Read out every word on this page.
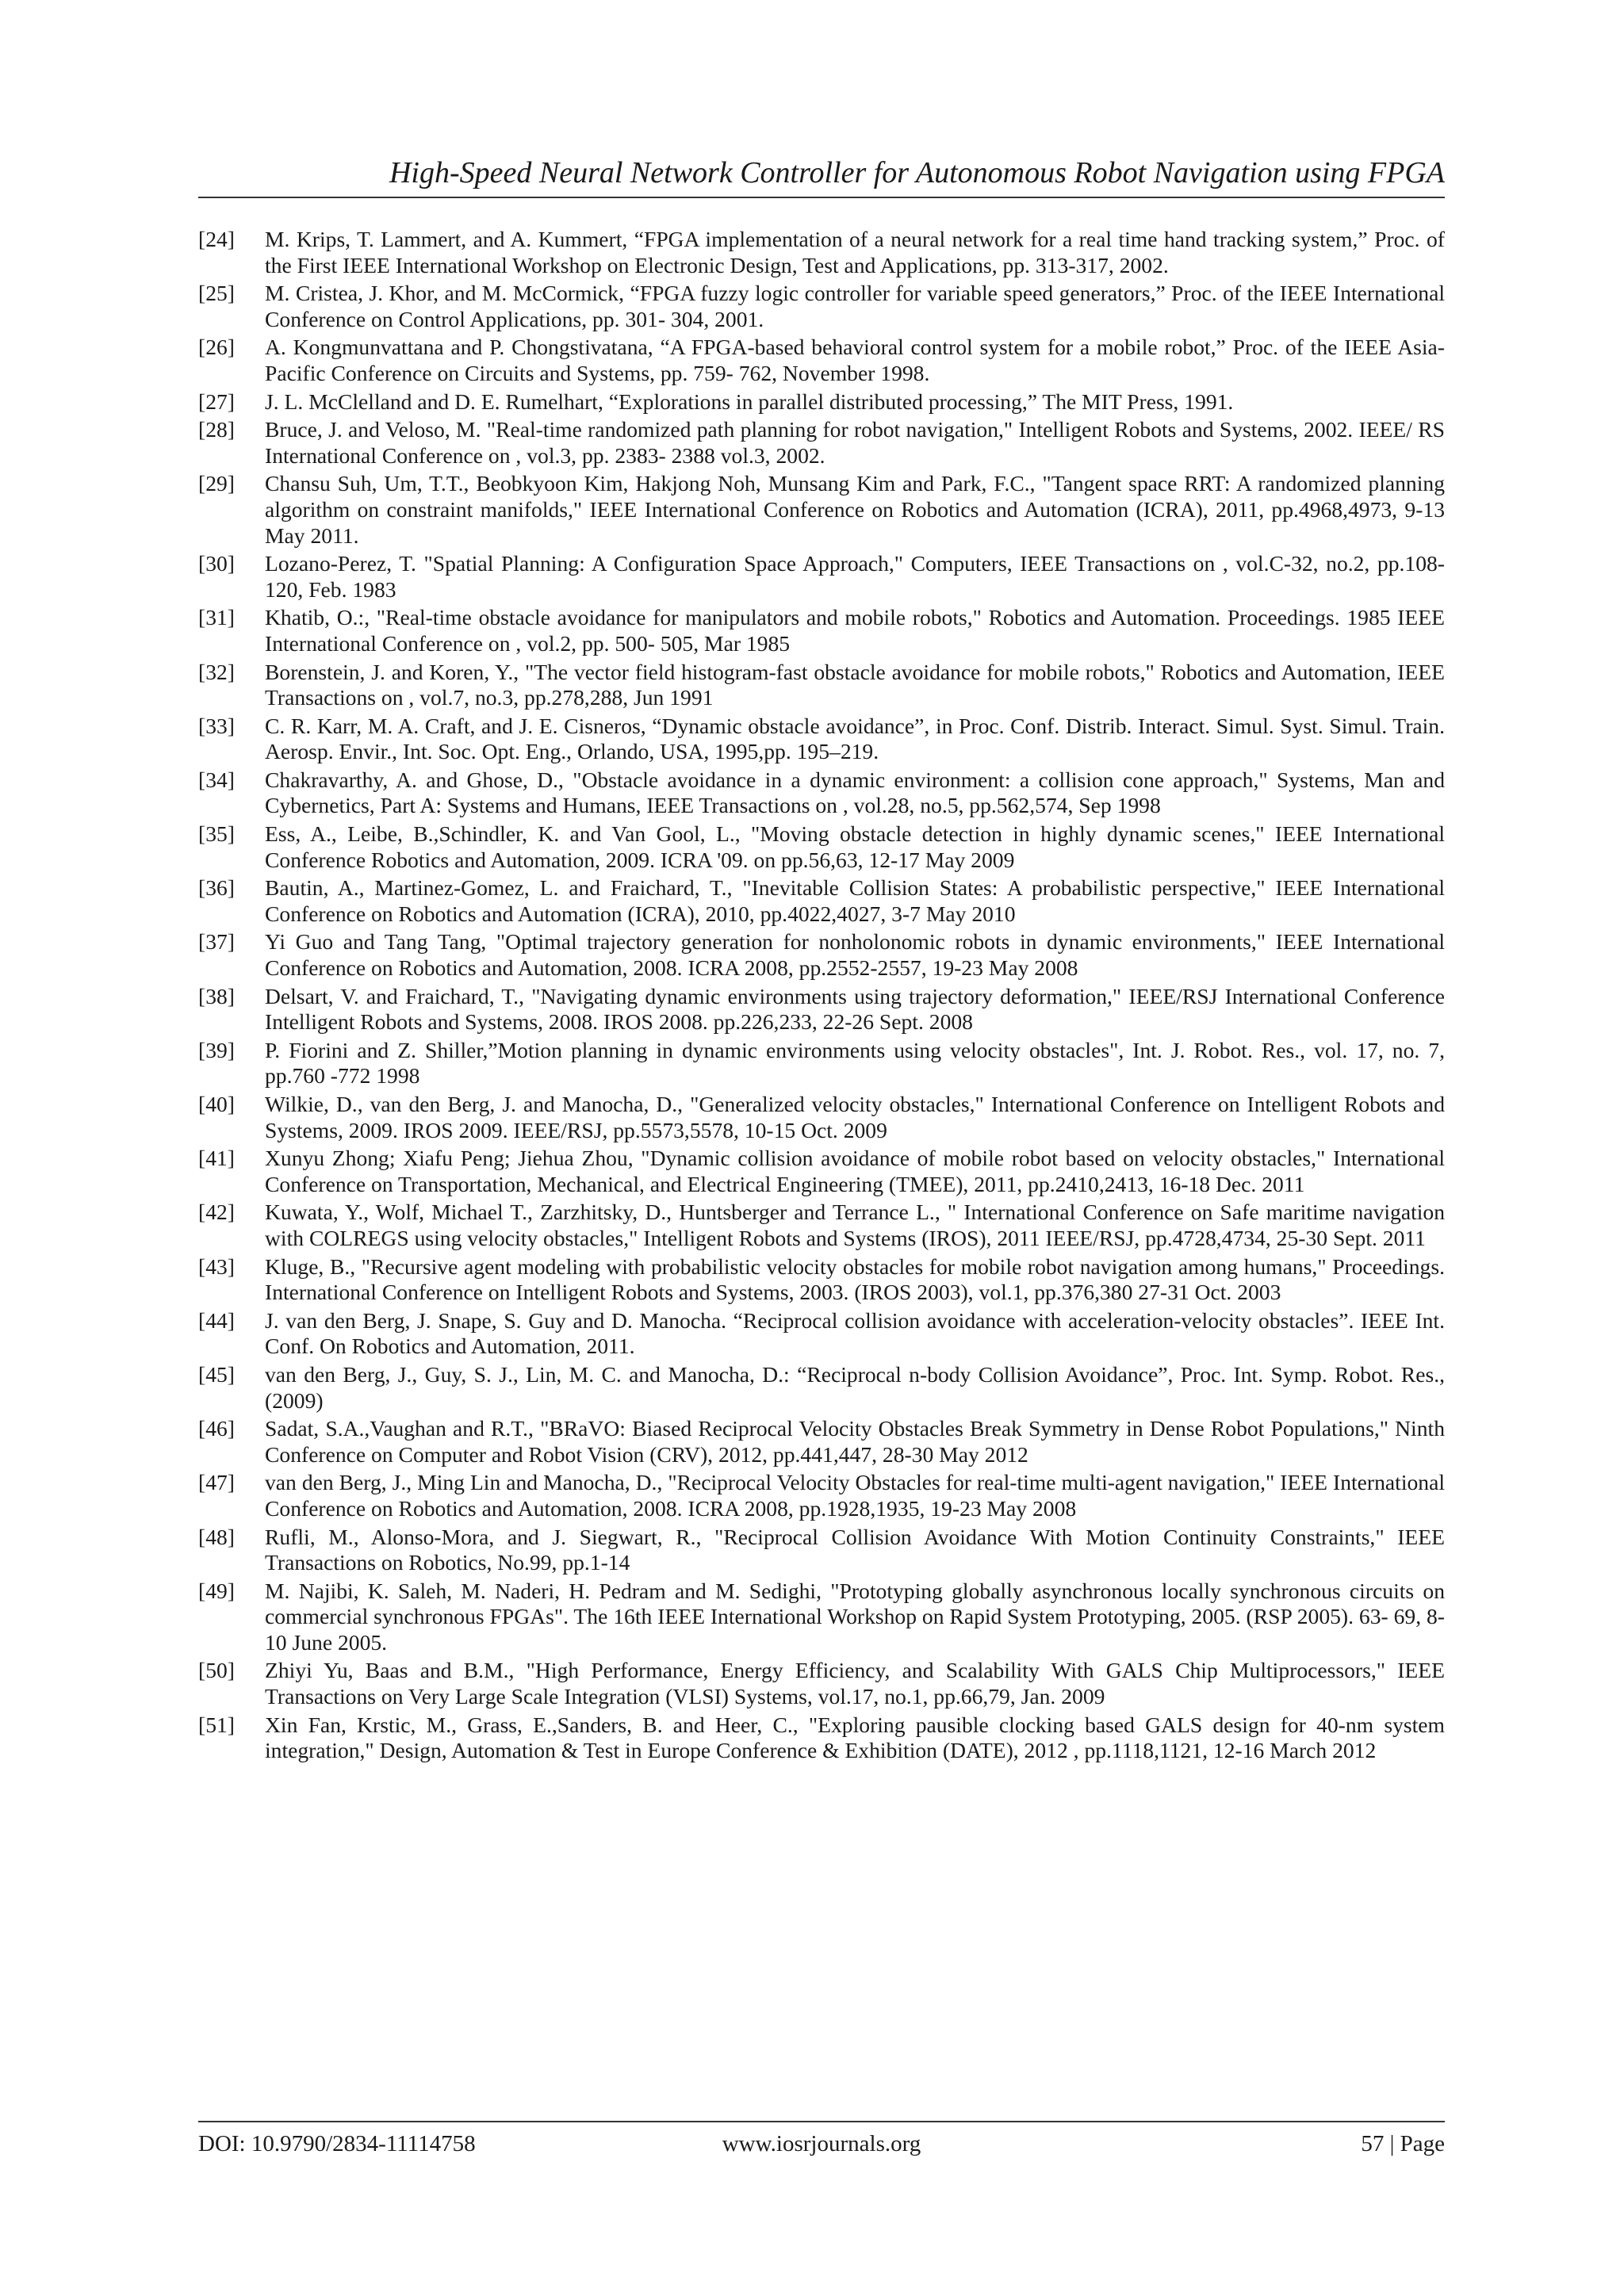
High-Speed Neural Network Controller for Autonomous Robot Navigation using FPGA
[24]	M. Krips, T. Lammert, and A. Kummert, “FPGA implementation of a neural network for a real time hand tracking system,” Proc. of the First IEEE International Workshop on Electronic Design, Test and Applications, pp. 313-317, 2002.
[25]	M. Cristea, J. Khor, and M. McCormick, “FPGA fuzzy logic controller for variable speed generators,” Proc. of the IEEE International Conference on Control Applications, pp. 301- 304, 2001.
[26]	A. Kongmunvattana and P. Chongstivatana, “A FPGA-based behavioral control system for a mobile robot,” Proc. of the IEEE Asia-Pacific Conference on Circuits and Systems, pp. 759- 762, November 1998.
[27]	J. L. McClelland and D. E. Rumelhart, “Explorations in parallel distributed processing,” The MIT Press, 1991.
[28]	Bruce, J. and Veloso, M. "Real-time randomized path planning for robot navigation," Intelligent Robots and Systems, 2002. IEEE/ RS International Conference on , vol.3, pp. 2383- 2388 vol.3, 2002.
[29]	Chansu Suh, Um, T.T., Beobkyoon Kim, Hakjong Noh, Munsang Kim and Park, F.C., "Tangent space RRT: A randomized planning algorithm on constraint manifolds," IEEE International Conference on Robotics and Automation (ICRA), 2011, pp.4968,4973, 9-13 May 2011.
[30]	Lozano-Perez, T. "Spatial Planning: A Configuration Space Approach," Computers, IEEE Transactions on , vol.C-32, no.2, pp.108-120, Feb. 1983
[31]	Khatib, O.:, "Real-time obstacle avoidance for manipulators and mobile robots," Robotics and Automation. Proceedings. 1985 IEEE International Conference on , vol.2, pp. 500- 505, Mar 1985
[32]	Borenstein, J. and Koren, Y., "The vector field histogram-fast obstacle avoidance for mobile robots," Robotics and Automation, IEEE Transactions on , vol.7, no.3, pp.278,288, Jun 1991
[33]	C. R. Karr, M. A. Craft, and J. E. Cisneros, “Dynamic obstacle avoidance”, in Proc. Conf. Distrib. Interact. Simul. Syst. Simul. Train. Aerosp. Envir., Int. Soc. Opt. Eng., Orlando, USA, 1995,pp. 195–219.
[34]	Chakravarthy, A. and Ghose, D., "Obstacle avoidance in a dynamic environment: a collision cone approach," Systems, Man and Cybernetics, Part A: Systems and Humans, IEEE Transactions on , vol.28, no.5, pp.562,574, Sep 1998
[35]	Ess, A., Leibe, B.,Schindler, K. and Van Gool, L., "Moving obstacle detection in highly dynamic scenes," IEEE International Conference Robotics and Automation, 2009. ICRA '09. on pp.56,63, 12-17 May 2009
[36]	Bautin, A., Martinez-Gomez, L. and Fraichard, T., "Inevitable Collision States: A probabilistic perspective," IEEE International Conference on Robotics and Automation (ICRA), 2010, pp.4022,4027, 3-7 May 2010
[37]	Yi Guo and Tang Tang, "Optimal trajectory generation for nonholonomic robots in dynamic environments," IEEE International Conference on Robotics and Automation, 2008. ICRA 2008, pp.2552-2557, 19-23 May 2008
[38]	Delsart, V. and Fraichard, T., "Navigating dynamic environments using trajectory deformation," IEEE/RSJ International Conference Intelligent Robots and Systems, 2008. IROS 2008. pp.226,233, 22-26 Sept. 2008
[39]	P. Fiorini and Z. Shiller,”Motion planning in dynamic environments using velocity obstacles", Int. J. Robot. Res., vol. 17, no. 7, pp.760 -772 1998
[40]	Wilkie, D., van den Berg, J. and Manocha, D., "Generalized velocity obstacles," International Conference on Intelligent Robots and Systems, 2009. IROS 2009. IEEE/RSJ, pp.5573,5578, 10-15 Oct. 2009
[41]	Xunyu Zhong; Xiafu Peng; Jiehua Zhou, "Dynamic collision avoidance of mobile robot based on velocity obstacles," International Conference on Transportation, Mechanical, and Electrical Engineering (TMEE), 2011, pp.2410,2413, 16-18 Dec. 2011
[42]	Kuwata, Y., Wolf, Michael T., Zarzhitsky, D., Huntsberger and Terrance L., " International Conference on Safe maritime navigation with COLREGS using velocity obstacles," Intelligent Robots and Systems (IROS), 2011 IEEE/RSJ, pp.4728,4734, 25-30 Sept. 2011
[43]	Kluge, B., "Recursive agent modeling with probabilistic velocity obstacles for mobile robot navigation among humans," Proceedings. International Conference on Intelligent Robots and Systems, 2003. (IROS 2003), vol.1, pp.376,380 27-31 Oct. 2003
[44]	J. van den Berg, J. Snape, S. Guy and D. Manocha. “Reciprocal collision avoidance with acceleration-velocity obstacles”. IEEE Int. Conf. On Robotics and Automation, 2011.
[45]	van den Berg, J., Guy, S. J., Lin, M. C. and Manocha, D.: “Reciprocal n-body Collision Avoidance”, Proc. Int. Symp. Robot. Res., (2009)
[46]	Sadat, S.A.,Vaughan and R.T., "BRaVO: Biased Reciprocal Velocity Obstacles Break Symmetry in Dense Robot Populations," Ninth Conference on Computer and Robot Vision (CRV), 2012, pp.441,447, 28-30 May 2012
[47]	van den Berg, J., Ming Lin and Manocha, D., "Reciprocal Velocity Obstacles for real-time multi-agent navigation," IEEE International Conference on Robotics and Automation, 2008. ICRA 2008, pp.1928,1935, 19-23 May 2008
[48]	Rufli, M., Alonso-Mora, and J. Siegwart, R., "Reciprocal Collision Avoidance With Motion Continuity Constraints," IEEE Transactions on Robotics, No.99, pp.1-14
[49]	M. Najibi, K. Saleh, M. Naderi, H. Pedram and M. Sedighi, "Prototyping globally asynchronous locally synchronous circuits on commercial synchronous FPGAs". The 16th IEEE International Workshop on Rapid System Prototyping, 2005. (RSP 2005). 63- 69, 8-10 June 2005.
[50]	Zhiyi Yu, Baas and B.M., "High Performance, Energy Efficiency, and Scalability With GALS Chip Multiprocessors," IEEE Transactions on Very Large Scale Integration (VLSI) Systems, vol.17, no.1, pp.66,79, Jan. 2009
[51]	Xin Fan, Krstic, M., Grass, E.,Sanders, B. and Heer, C., "Exploring pausible clocking based GALS design for 40-nm system integration," Design, Automation & Test in Europe Conference & Exhibition (DATE), 2012 , pp.1118,1121, 12-16 March 2012
DOI: 10.9790/2834-11114758	www.iosrjournals.org	57 | Page
